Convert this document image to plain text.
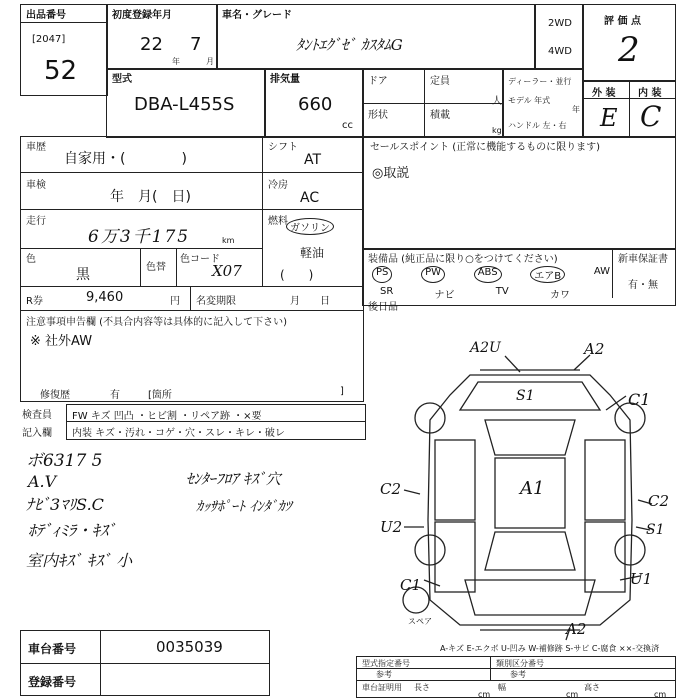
出品番号
[2047]
52
初度登録年月
22
年
7
月
車名・グレード
ﾀﾝﾄｴｸﾞｾﾞ ｶｽﾀﾑG
2WD
4WD
評 価 点
2
型式
DBA-L455S
排気量
660
cc
ドア
形状
定員
人
積載
kg
ディーラー・並行
モデル 年式
年
ハンドル 左・右
外 装 内 装
E C
車歴
自家用・(　　　　)
シフト
AT
車検
年　月(　日)
冷房
AC
走行
6万3千175	km
燃料
ガソリン
軽油
(　　)
色
黒	色替
色コード
X07
R券	9,460	円 名変期限	月　　日
注意事項申告欄 (不具合内容等は具体的に記入して下さい)
※ 社外AW
修復歴	有	[箇所	]
検査員
記入欄
FW キズ 凹凸 ・ヒビ割 ・リペア跡 ・×要
内装 キズ・汚れ・コゲ・穴・スレ・キレ・破レ
ボ6317 5
A.V
ﾅﾋﾞ3ﾏﾘS.C
ﾎﾃﾞｨﾐﾗ・ｷｽﾞ
室内ｷｽﾞ ｷｽﾞ 小
ｾﾝﾀｰﾌﾛｱ ｷｽﾞ穴
ｶｯｻﾎﾟｰﾄ ｲﾝﾀﾞｶﾂ
セールスポイント (正常に機能するものに限ります)
◎取説
装備品 (純正品に限り○をつけてください)	新車保証書
有・無
PS	PW	ABS	エアB	AW
SR	ナビ	TV	カワ
後日品
A2U	A2
S1	C1
A1
C2
C2
U2	S1
C1	U1
A2
スペア
A-キズ E-エクボ U-凹み W-補修跡 S-サビ C-腐食 ××-交換済
車台番号	0035039
登録番号
型式指定番号
参考
類別区分番号
参考
車台証明用 長さ
cm
幅
cm
高さ
cm
